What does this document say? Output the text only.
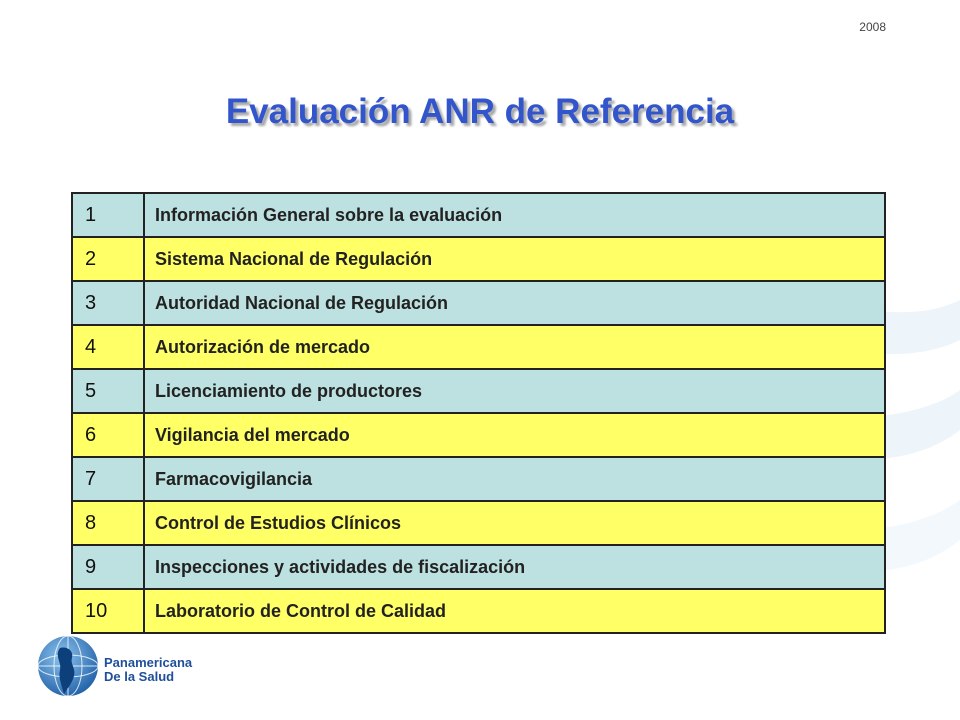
2008
Evaluación ANR de Referencia
1	Información General sobre la evaluación
2	Sistema Nacional de Regulación
3	Autoridad Nacional de Regulación
4	Autorización de mercado
5	Licenciamiento de productores
6	Vigilancia del mercado
7	Farmacovigilancia
8	Control de Estudios Clínicos
9	Inspecciones y actividades de fiscalización
10	Laboratorio de Control de Calidad
Panamericana
De la Salud
